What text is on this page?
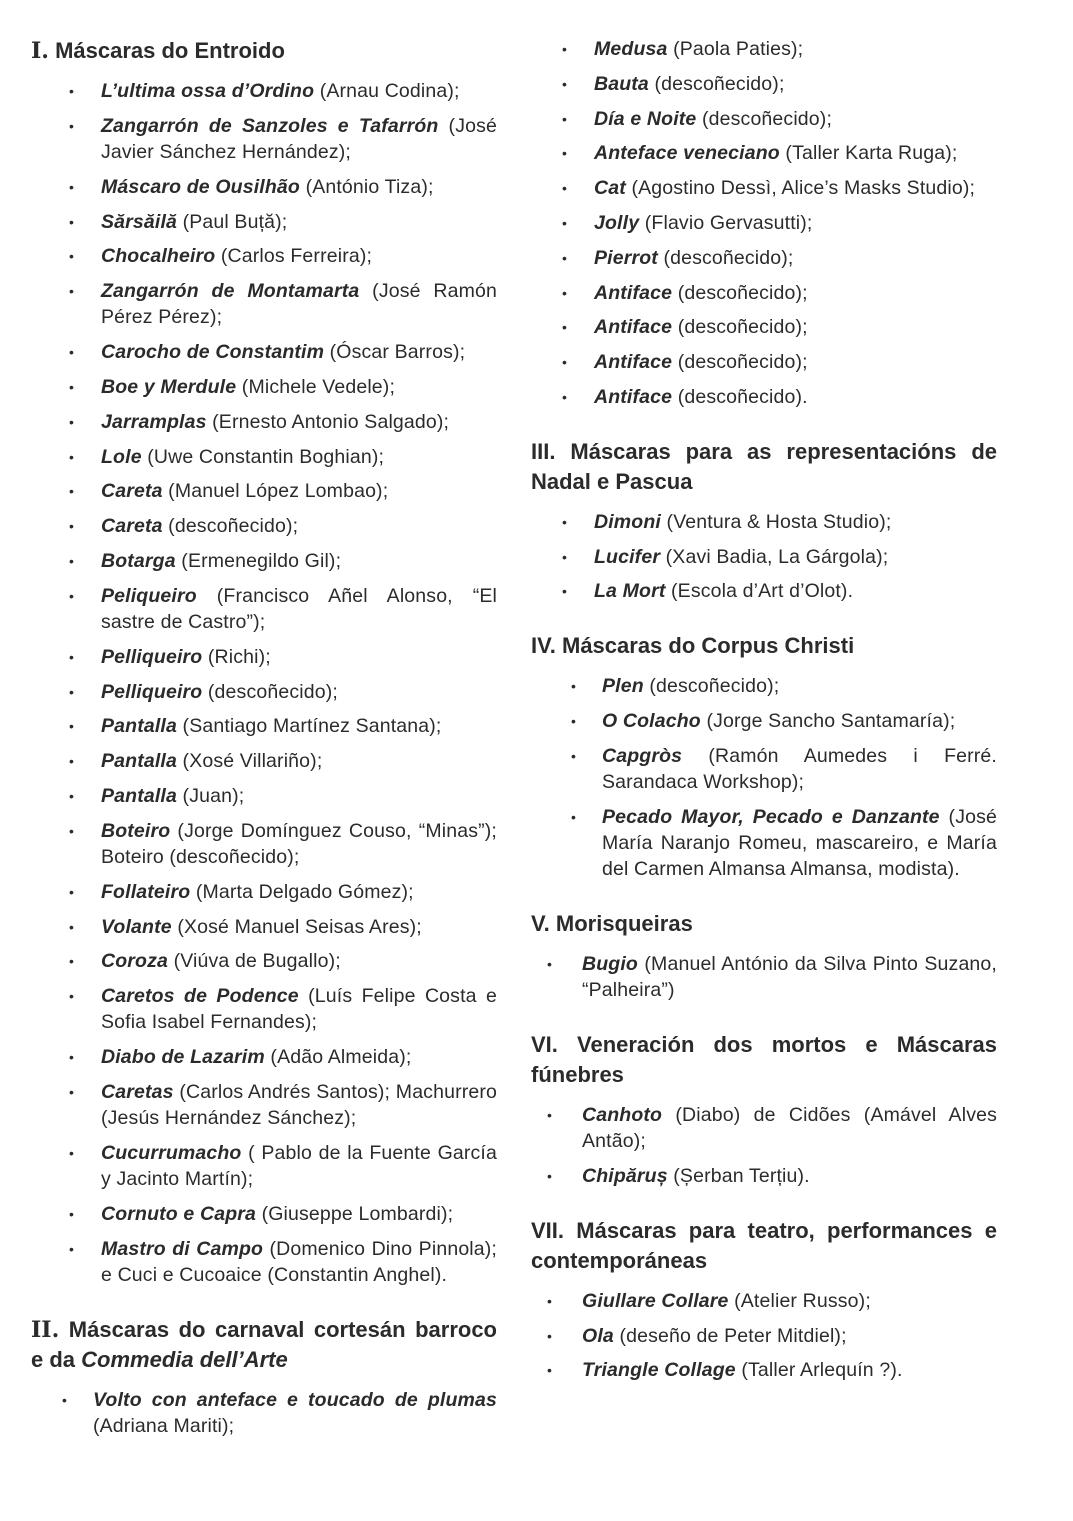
I. Máscaras do Entroido
• L’ultima ossa d’Ordino (Arnau Codina);
• Zangarrón de Sanzoles e Tafarrón (José Javier Sánchez Hernández);
• Máscaro de Ousilhão (António Tiza);
• Sărsăilă (Paul Buță);
• Chocalheiro (Carlos Ferreira);
• Zangarrón de Montamarta (José Ramón Pérez Pérez);
• Carocho de Constantim (Óscar Barros);
• Boe y Merdule (Michele Vedele);
• Jarramplas (Ernesto Antonio Salgado);
• Lole (Uwe Constantin Boghian);
• Careta (Manuel López Lombao);
• Careta (descoñecido);
• Botarga (Ermenegildo Gil);
• Peliqueiro (Francisco Añel Alonso, “El sastre de Castro”);
• Pelliqueiro (Richi);
• Pelliqueiro (descoñecido);
• Pantalla (Santiago Martínez Santana);
• Pantalla (Xosé Villariño);
• Pantalla (Juan);
• Boteiro (Jorge Domínguez Couso, “Minas”); Boteiro (descoñecido);
• Follateiro (Marta Delgado Gómez);
• Volante (Xosé Manuel Seisas Ares);
• Coroza (Viúva de Bugallo);
• Caretos de Podence (Luís Felipe Costa e Sofia Isabel Fernandes);
• Diabo de Lazarim (Adão Almeida);
• Caretas (Carlos Andrés Santos); Machurrero (Jesús Hernández Sánchez);
• Cucurrumacho ( Pablo de la Fuente García y Jacinto Martín);
• Cornuto e Capra (Giuseppe Lombardi);
• Mastro di Campo (Domenico Dino Pinnola); e Cuci e Cucoaice (Constantin Anghel).
II. Máscaras do carnaval cortesán barroco e da Commedia dell’Arte
• Volto con anteface e toucado de plumas (Adriana Mariti);
• Medusa (Paola Paties);
• Bauta (descoñecido);
• Día e Noite (descoñecido);
• Anteface veneciano (Taller Karta Ruga);
• Cat (Agostino Dessì, Alice’s Masks Studio);
• Jolly (Flavio Gervasutti);
• Pierrot (descoñecido);
• Antiface (descoñecido);
• Antiface (descoñecido);
• Antiface (descoñecido);
• Antiface (descoñecido).
III. Máscaras para as representacións de Nadal e Pascua
• Dimoni (Ventura & Hosta Studio);
• Lucifer (Xavi Badia, La Gárgola);
• La Mort (Escola d’Art d’Olot).
IV. Máscaras do Corpus Christi
• Plen (descoñecido);
• O Colacho (Jorge Sancho Santamaría);
• Capgròs (Ramón Aumedes i Ferré. Sarandaca Workshop);
• Pecado Mayor, Pecado e Danzante (José María Naranjo Romeu, mascareiro, e María del Carmen Almansa Almansa, modista).
V. Morisqueiras
• Bugio (Manuel António da Silva Pinto Suzano, “Palheira”)
VI. Veneración dos mortos e Máscaras fúnebres
• Canhoto (Diabo) de Cidões (Amável Alves Antão);
• Chipăruș (Șerban Terțiu).
VII. Máscaras para teatro, performances e contemporáneas
• Giullare Collare (Atelier Russo);
• Ola (deseño de Peter Mitdiel);
• Triangle Collage (Taller Arlequín ?).
